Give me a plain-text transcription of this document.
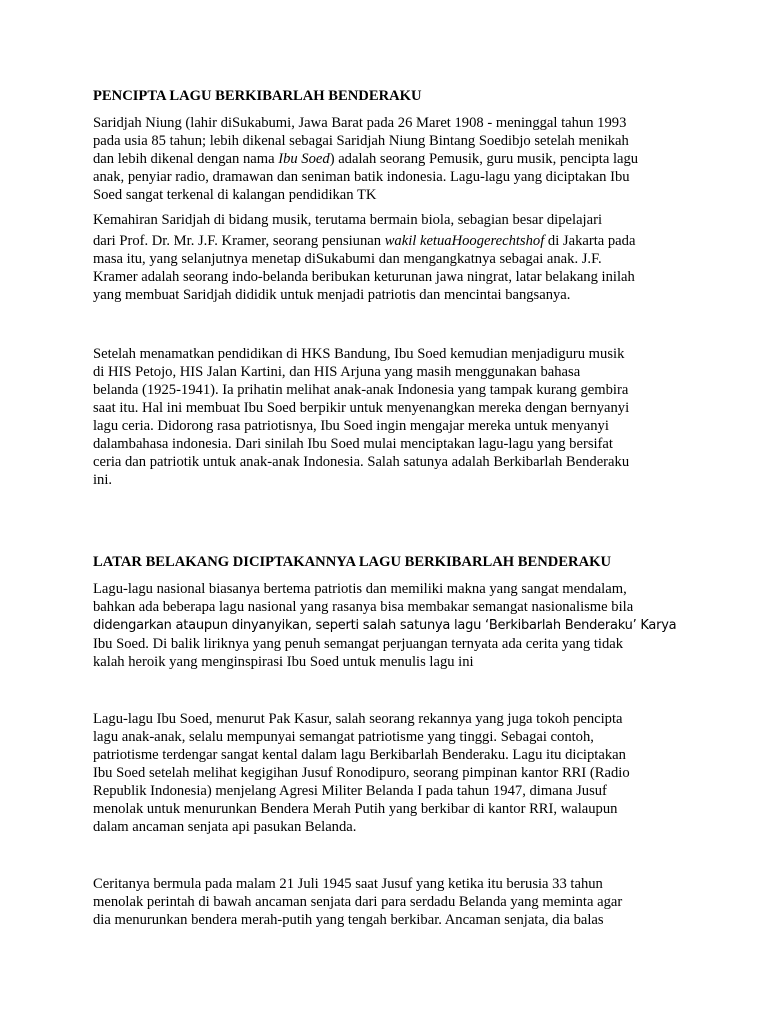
PENCIPTA LAGU BERKIBARLAH BENDERAKU

Saridjah Niung (lahir diSukabumi, Jawa Barat pada 26 Maret 1908 - meninggal tahun 1993

pada usia 85 tahun; lebih dikenal sebagai Saridjah Niung Bintang Soedibjo setelah menikah

dan lebih dikenal dengan nama Ibu Soed) adalah seorang Pemusik, guru musik, pencipta lagu

anak, penyiar radio, dramawan dan seniman batik indonesia. Lagu-lagu yang diciptakan Ibu

Soed sangat terkenal di kalangan pendidikan TK

Kemahiran Saridjah di bidang musik, terutama bermain biola, sebagian besar dipelajari

dari Prof. Dr. Mr. J.F. Kramer, seorang pensiunan wakil ketuaHoogerechtshof di Jakarta pada

masa itu, yang selanjutnya menetap diSukabumi dan mengangkatnya sebagai anak. J.F.

Kramer adalah seorang indo-belanda beribukan keturunan jawa ningrat, latar belakang inilah

yang membuat Saridjah dididik untuk menjadi patriotis dan mencintai bangsanya.

Setelah menamatkan pendidikan di HKS Bandung, Ibu Soed kemudian menjadiguru musik

di HIS Petojo, HIS Jalan Kartini, dan HIS Arjuna yang masih menggunakan bahasa

belanda (1925-1941). Ia prihatin melihat anak-anak Indonesia yang tampak kurang gembira

saat itu. Hal ini membuat Ibu Soed berpikir untuk menyenangkan mereka dengan bernyanyi

lagu ceria. Didorong rasa patriotisnya, Ibu Soed ingin mengajar mereka untuk menyanyi

dalambahasa indonesia. Dari sinilah Ibu Soed mulai menciptakan lagu-lagu yang bersifat

ceria dan patriotik untuk anak-anak Indonesia. Salah satunya adalah Berkibarlah Benderaku

ini.

LATAR BELAKANG DICIPTAKANNYA LAGU BERKIBARLAH BENDERAKU

Lagu-lagu nasional biasanya bertema patriotis dan memiliki makna yang sangat mendalam,

bahkan ada beberapa lagu nasional yang rasanya bisa membakar semangat nasionalisme bila

didengarkan ataupun dinyanyikan, seperti salah satunya lagu ‘Berkibarlah Benderaku’ Karya

Ibu Soed. Di balik liriknya yang penuh semangat perjuangan ternyata ada cerita yang tidak

kalah heroik yang menginspirasi Ibu Soed untuk menulis lagu ini

Lagu-lagu Ibu Soed, menurut Pak Kasur, salah seorang rekannya yang juga tokoh pencipta

lagu anak-anak, selalu mempunyai semangat patriotisme yang tinggi. Sebagai contoh,

patriotisme terdengar sangat kental dalam lagu Berkibarlah Benderaku. Lagu itu diciptakan

Ibu Soed setelah melihat kegigihan Jusuf Ronodipuro, seorang pimpinan kantor RRI (Radio

Republik Indonesia) menjelang Agresi Militer Belanda I pada tahun 1947, dimana Jusuf

menolak untuk menurunkan Bendera Merah Putih yang berkibar di kantor RRI, walaupun

dalam ancaman senjata api pasukan Belanda.

Ceritanya bermula pada malam 21 Juli 1945 saat Jusuf yang ketika itu berusia 33 tahun

menolak perintah di bawah ancaman senjata dari para serdadu Belanda yang meminta agar

dia menurunkan bendera merah-putih yang tengah berkibar. Ancaman senjata, dia balas
